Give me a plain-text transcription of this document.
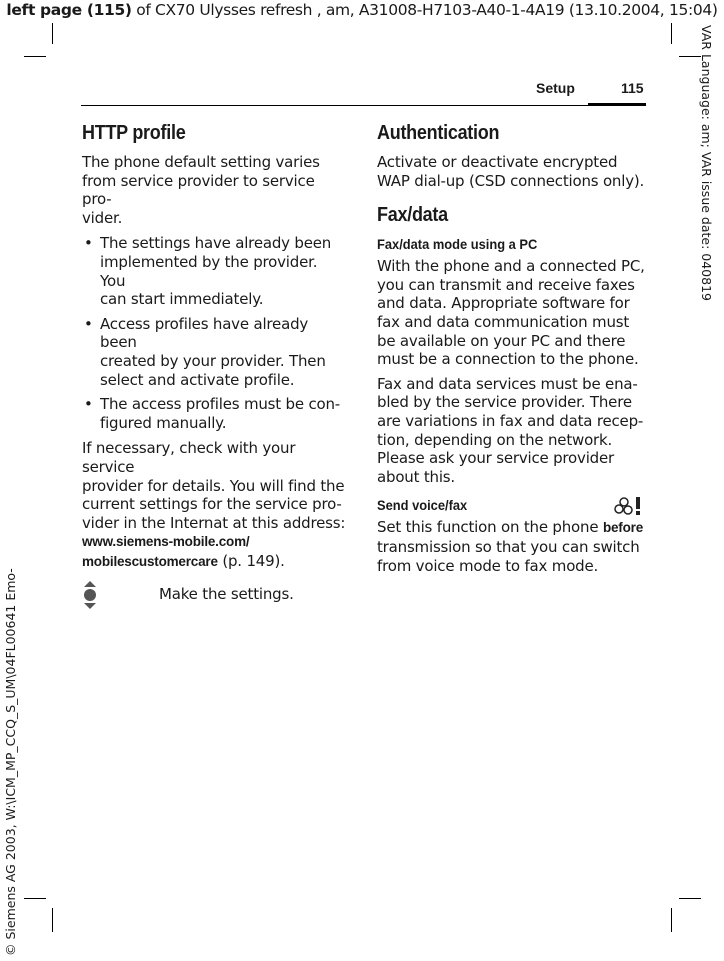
left page (115) of CX70 Ulysses refresh , am, A31008-H7103-A40-1-4A19 (13.10.2004, 15:04)
VAR Language: am; VAR issue date: 040819
© Siemens AG 2003, W:\ICM_MP_CCQ_S_UM\04FL00641 Emo-
Setup	115
HTTP profile

The phone default setting varies
from service provider to service pro-
vider.

• The settings have already been
implemented by the provider. You
can start immediately.
• Access profiles have already been
created by your provider. Then
select and activate profile.
• The access profiles must be con-
figured manually.

If necessary, check with your service
provider for details. You will find the
current settings for the service pro-
vider in the Internat at this address:
www.siemens-mobile.com/
mobilescustomercare (p. 149).

Make the settings.
Authentication

Activate or deactivate encrypted
WAP dial-up (CSD connections only).

Fax/data
Fax/data mode using a PC

With the phone and a connected PC,
you can transmit and receive faxes
and data. Appropriate software for
fax and data communication must
be available on your PC and there
must be a connection to the phone.

Fax and data services must be ena-
bled by the service provider. There
are variations in fax and data recep-
tion, depending on the network.
Please ask your service provider
about this.

Send voice/fax

Set this function on the phone before
transmission so that you can switch
from voice mode to fax mode.
